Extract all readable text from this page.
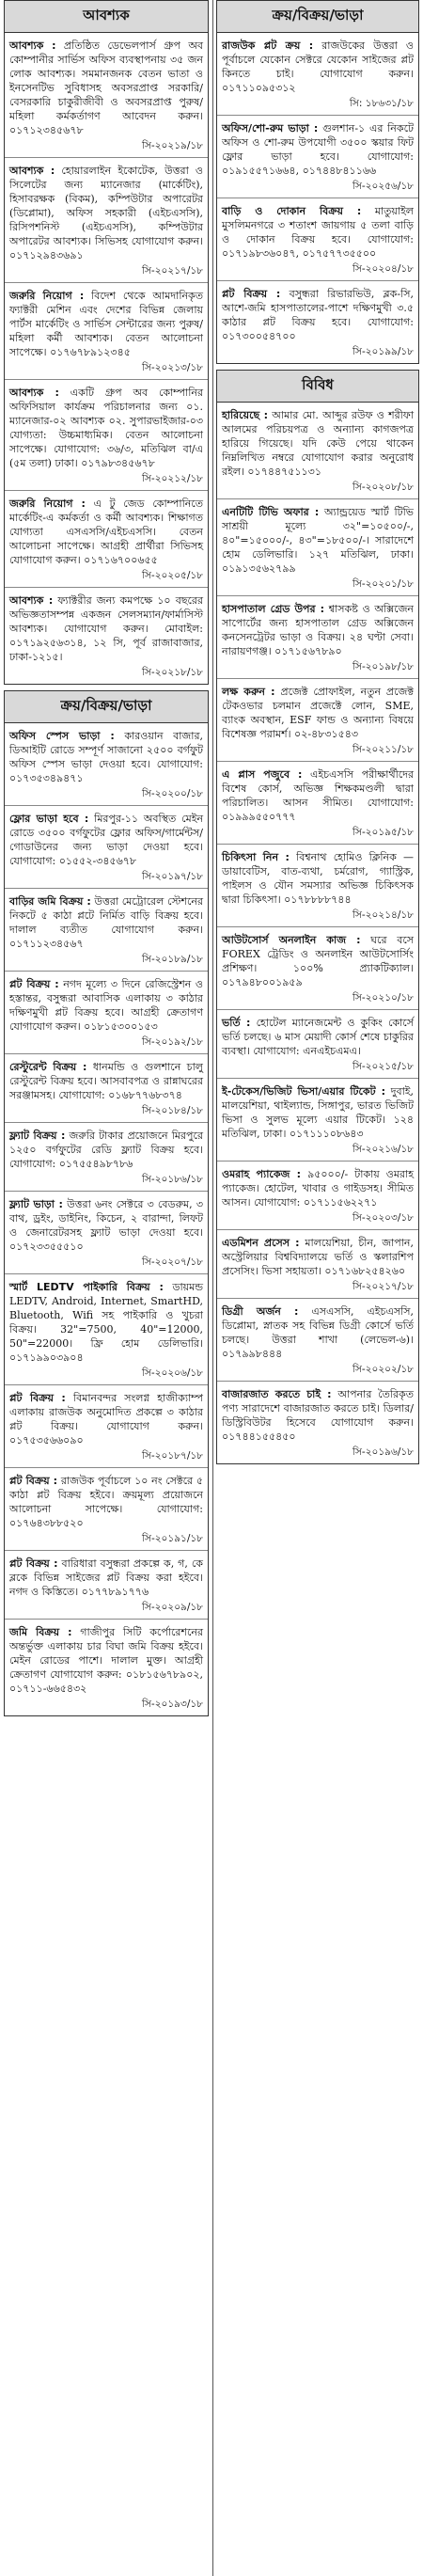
আবশ্যক
আবশ্যক : প্রতিষ্ঠিত ডেভেলপার্স গ্রুপ অব কোম্পানীর সার্ভিস অফিস ব্যবস্থাপনায় ৩৫ জন লোক আবশ্যক। সমমানজনক বেতন ভাতা ও ইনসেনটিভ সুবিধাসহ অবসরপ্রাপ্ত সরকারি/বেসরকারি চাকুরীজীবী ও অবসরপ্রাপ্ত পুরুষ/মহিলা কর্মকর্তাগণ আবেদন করুন। ০১৭১২৩৪৫৬৭৮
সি-২০২১৯/১৮
আবশ্যক : হোয়ারলাইন ইকোটেক, উত্তরা ও সিলেটের জন্য ম্যানেজার (মার্কেটিং), হিসাবরক্ষক (বিকম), কম্পিউটার অপারেটর (ডিপ্লোমা), অফিস সহকারী (এইচএসসি), রিসিপশনিস্ট (এইচএসসি), কম্পিউটার অপারেটর আবশ্যক। সিভিসহ যোগাযোগ করুন। ০১৭১২৯৪৩৬৯১
সি-২০২১৭/১৮
জরুরি নিয়োগ : বিদেশ থেকে আমদানিকৃত ফ্যাক্টরী মেশিন এবং দেশের বিভিন্ন জেলায় পার্টস মার্কেটিং ও সার্ভিস সেন্টারের জন্য পুরুষ/মহিলা কর্মী আবশ্যক। বেতন আলোচনা সাপেক্ষে। ০১৭৬৭৮৯১২৩৪৫
সি-২০২১৩/১৮
আবশ্যক : একটি গ্রুপ অব কোম্পানির অফিসিয়াল কার্যক্রম পরিচালনার জন্য ০১. ম্যানেজার-০২ আবশ্যক ০২. সুপারভাইজার-০৩ যোগ্যতা: উচ্চমাধ্যমিক। বেতন আলোচনা সাপেক্ষে। যোগাযোগ: ৩৬/৩, মতিঝিল বা/এ (৫ম তলা) ঢাকা। ০১৭৯৮৩৪৫৬৭৮
সি-২০২১২/১৮
জরুরি নিয়োগ : এ টু জেড কোম্পানিতে মার্কেটিং-এ কর্মকর্তা ও কর্মী আবশ্যক। শিক্ষাগত যোগ্যতা এসএসসি/এইচএসসি। বেতন আলোচনা সাপেক্ষে। আগ্রহী প্রার্থীরা সিভিসহ যোগাযোগ করুন। ০১৭১৬৭০০৬৫৫
সি-২০২০৫/১৮
আবশ্যক : ফ্যাক্টরীর জন্য কমপক্ষে ১০ বছরের অভিজ্ঞতাসম্পন্ন একজন সেলসম্যান/ফার্মাসিস্ট আবশ্যক। যোগাযোগ করুন। মোবাইল: ০১৭১৯২৫৬৩১৪, ১২ সি, পূর্ব রাজাবাজার, ঢাকা-১২১৫।
সি-২০২১৮/১৮
ক্রয়/বিক্রয়/ভাড়া
অফিস স্পেস ভাড়া : কারওয়ান বাজার, ডিআইটি রোডে সম্পূর্ণ সাজানো ২৫০০ বর্গফুট অফিস স্পেস ভাড়া দেওয়া হবে। যোগাযোগ: ০১৭৩৫৩৪৯৪৭১
সি-২০২০০/১৮
ফ্লোর ভাড়া হবে : মিরপুর-১১ অবস্থিত মেইন রোডে ৩৫০০ বর্গফুটের ফ্লোর অফিস/গার্মেন্টস/গোডাউনের জন্য ভাড়া দেওয়া হবে। যোগাযোগ: ০১৫৫২-৩৪৫৬৭৮
সি-২০১৯৭/১৮
বাড়ির জমি বিক্রয় : উত্তরা মেট্রোরেল স্টেশনের নিকটে ৫ কাঠা প্লটে নির্মিত বাড়ি বিক্রয় হবে। দালাল ব্যতীত যোগাযোগ করুন। ০১৭১১২৩৪৫৬৭
সি-২০১৮৯/১৮
প্লট বিক্রয় : নগদ মূল্যে ৩ দিনে রেজিস্ট্রেশন ও হস্তান্তর, বসুন্ধরা আবাসিক এলাকায় ৩ কাঠার দক্ষিণমুখী প্লট বিক্রয় হবে। আগ্রহী ক্রেতাগণ যোগাযোগ করুন। ০১৮১৫৩০০১৫৩
সি-২০১৯২/১৮
রেস্টুরেন্ট বিক্রয় : ধানমন্ডি ও গুলশানে চালু রেস্টুরেন্ট বিক্রয় হবে। আসবাবপত্র ও রান্নাঘরের সরঞ্জামসহ। যোগাযোগ: ০১৬৮৭৭৬৮৩৭৪
সি-২০১৮৪/১৮
ফ্ল্যাট বিক্রয় : জরুরি টাকার প্রয়োজনে মিরপুরে ১২৫০ বর্গফুটের রেডি ফ্ল্যাট বিক্রয় হবে। যোগাযোগ: ০১৭৫৫৪৯৮৭৮৬
সি-২০১৮৬/১৮
ফ্ল্যাট ভাড়া : উত্তরা ৬নং সেক্টরে ৩ বেডরুম, ৩ বাথ, ড্রইং, ডাইনিং, কিচেন, ২ বারান্দা, লিফট ও জেনারেটরসহ ফ্ল্যাট ভাড়া দেওয়া হবে। ০১৭২৩৩৫৫৫১০
সি-২০২০৭/১৮
স্মার্ট LEDTV পাইকারি বিক্রয় : ডায়মন্ড LEDTV, Android, Internet, SmartHD, Bluetooth, Wifi সহ পাইকারি ও খুচরা বিক্রয়। 32"=7500, 40"=12000, 50"=22000। ফ্রি হোম ডেলিভারি। ০১৭১৯৯০৩৯০৪
সি-২০২০৬/১৮
প্লট বিক্রয় : বিমানবন্দর সংলগ্ন হাজীক্যাম্প এলাকায় রাজউক অনুমোদিত প্রকল্পে ৩ কাঠার প্লট বিক্রয়। যোগাযোগ করুন। ০১৭৫৩৫৬৬০৯০
সি-২০১৮৭/১৮
প্লট বিক্রয় : রাজউক পূর্বাচলে ১০ নং সেক্টরে ৫ কাঠা প্লট বিক্রয় হইবে। ক্রয়মূল্য প্রয়োজনে আলোচনা সাপেক্ষে। যোগাযোগ: ০১৭৬৪৩৮৮৫২০
সি-২০১৯১/১৮
প্লট বিক্রয় : বারিধারা বসুন্ধরা প্রকল্পে ক, গ, কে ব্লকে বিভিন্ন সাইজের প্লট বিক্রয় করা হইবে। নগদ ও কিস্তিতে। ০১৭৭৮৯১৭৭৬
সি-২০২০৯/১৮
জমি বিক্রয় : গাজীপুর সিটি কর্পোরেশনের অন্তর্ভুক্ত এলাকায় চার বিঘা জমি বিক্রয় হইবে। মেইন রোডের পাশে। দালাল মুক্ত। আগ্রহী ক্রেতাগণ যোগাযোগ করুন: ০১৮১৫৬৭৮৯০২, ০১৭১১-৬৬৫৪৩২
সি-২০১৯৩/১৮
ক্রয়/বিক্রয়/ভাড়া
রাজউক প্লট ক্রয় : রাজউকের উত্তরা ও পূর্বাচলে যেকোন সেক্টরে যেকোন সাইজের প্লট কিনতে চাই। যোগাযোগ করুন। ০১৭১১০৯৫৩১২
সি: ১৮৬৩১/১৮
অফিস/শো-রুম ভাড়া : গুলশান-১ এর নিকটে অফিস ও শো-রুম উপযোগী ৩৫০০ স্কয়ার ফিট ফ্লোর ভাড়া হবে। যোগাযোগ: ০১৯১৫৫৭১৬৬৪, ০১৭৪৪৮৪১১৬৬
সি-২০২৫৬/১৮
বাড়ি ও দোকান বিক্রয় : মাতুয়াইল মুসলিমনগরে ৩ শতাংশ জায়গায় ৫ তলা বাড়ি ও দোকান বিক্রয় হবে। যোগাযোগ: ০১৭১৯৮৩৬০৪৭, ০১৭৫৭৭৩৫৫০০
সি-২০২০৪/১৮
প্লট বিক্রয় : বসুন্ধরা রিভারভিউ, ব্লক-সি, আশে-জমি হাসপাতালের-পাশে দক্ষিণমুখী ৩.৫ কাঠার প্লট বিক্রয় হবে। যোগাযোগ: ০১৭৩০০৫৪৭০০
সি-২০১৯৯/১৮
বিবিধ
হারিয়েছে : আমার মো. আব্দুর রউফ ও শরীফা আলমের পরিচয়পত্র ও অন্যান্য কাগজপত্র হারিয়ে গিয়েছে। যদি কেউ পেয়ে থাকেন নিম্নলিখিত নম্বরে যোগাযোগ করার অনুরোধ রইল। ০১৭৪৪৭৫১১৩১
সি-২০২০৮/১৮
এনটিটি টিভি অফার : অ্যান্ড্রয়েড স্মার্ট টিভি সাশ্রয়ী মূল্যে ৩২"=১০৫০০/-, ৪০"=১৫০০০/-, ৪৩"=১৮৫০০/-। সারাদেশে হোম ডেলিভারি। ১২৭ মতিঝিল, ঢাকা। ০১৯১৩৫৬২৭৯৯
সি-২০২০১/১৮
হাসপাতাল গ্রেড উপর : শ্বাসকষ্ট ও অক্সিজেন সাপোর্টের জন্য হাসপাতাল গ্রেড অক্সিজেন কনসেনট্রেটর ভাড়া ও বিক্রয়। ২৪ ঘণ্টা সেবা। নারায়ণগঞ্জ। ০১৭১৫৬৭৮৯০
সি-২০১৯৮/১৮
লক্ষ করুন : প্রজেক্ট প্রোফাইল, নতুন প্রজেক্ট টেকওভার চলমান প্রজেক্টে লোন, SME, ব্যাংক অবস্থান, ESF ফান্ড ও অন্যান্য বিষয়ে বিশেষজ্ঞ পরামর্শ। ০২-৪৮৩১৫৪৩
সি-২০২১১/১৮
এ প্লাস পজুবে : এইচএসসি পরীক্ষার্থীদের বিশেষ কোর্স, অভিজ্ঞ শিক্ষকমণ্ডলী দ্বারা পরিচালিত। আসন সীমিত। যোগাযোগ: ০১৯৯৯৫৫০৭৭৭
সি-২০১৯৫/১৮
চিকিৎসা নিন : বিশ্বনাথ হোমিও ক্লিনিক — ডায়াবেটিস, বাত-ব্যথা, চর্মরোগ, গ্যাস্ট্রিক, পাইলস ও যৌন সমস্যার অভিজ্ঞ চিকিৎসক দ্বারা চিকিৎসা। ০১৭৮৮৮৮৭৪৪
সি-২০২১৪/১৮
আউটসোর্স অনলাইন কাজ : ঘরে বসে FOREX ট্রেডিং ও অনলাইন আউটসোর্সিং প্রশিক্ষণ। ১০০% প্র্যাকটিক্যাল। ০১৭৯৪৮০০১৯৫৯
সি-২০২১০/১৮
ভর্তি : হোটেল ম্যানেজমেন্ট ও কুকিং কোর্সে ভর্তি চলছে। ৬ মাস মেয়াদী কোর্স শেষে চাকুরির ব্যবস্থা। যোগাযোগ: এনএইচএমএ।
সি-২০২১৫/১৮
ই-টেকেস/ভিজিট ভিসা/এয়ার টিকেট : দুবাই, মালয়েশিয়া, থাইল্যান্ড, সিঙ্গাপুর, ভারত ভিজিট ভিসা ও সুলভ মূল্যে এয়ার টিকেট। ১২৪ মতিঝিল, ঢাকা। ০১৭১১১০৮৬৪৩
সি-২০২১৬/১৮
ওমরাহ প্যাকেজ : ৯৫০০০/- টাকায় ওমরাহ প্যাকেজ। হোটেল, খাবার ও গাইডসহ। সীমিত আসন। যোগাযোগ: ০১৭১১৫৬২২৭১
সি-২০২০৩/১৮
এডমিশন প্রসেস : মালয়েশিয়া, চীন, জাপান, অস্ট্রেলিয়ার বিশ্ববিদ্যালয়ে ভর্তি ও স্কলারশিপ প্রসেসিং। ভিসা সহায়তা। ০১৭১৬৮২৫৪২৬০
সি-২০২১৭/১৮
ডিগ্রী অর্জন : এসএসসি, এইচএসসি, ডিপ্লোমা, স্নাতক সহ বিভিন্ন ডিগ্রী কোর্সে ভর্তি চলছে। উত্তরা শাখা (লেভেল-৬)। ০১৭৯৯৮৪৪৪
সি-২০২০২/১৮
বাজারজাত করতে চাই : আপনার তৈরিকৃত পণ্য সারাদেশে বাজারজাত করতে চাই। ডিলার/ডিস্ট্রিবিউটর হিসেবে যোগাযোগ করুন। ০১৭৪৪১৫৫৪৫০
সি-২০১৯৬/১৮
